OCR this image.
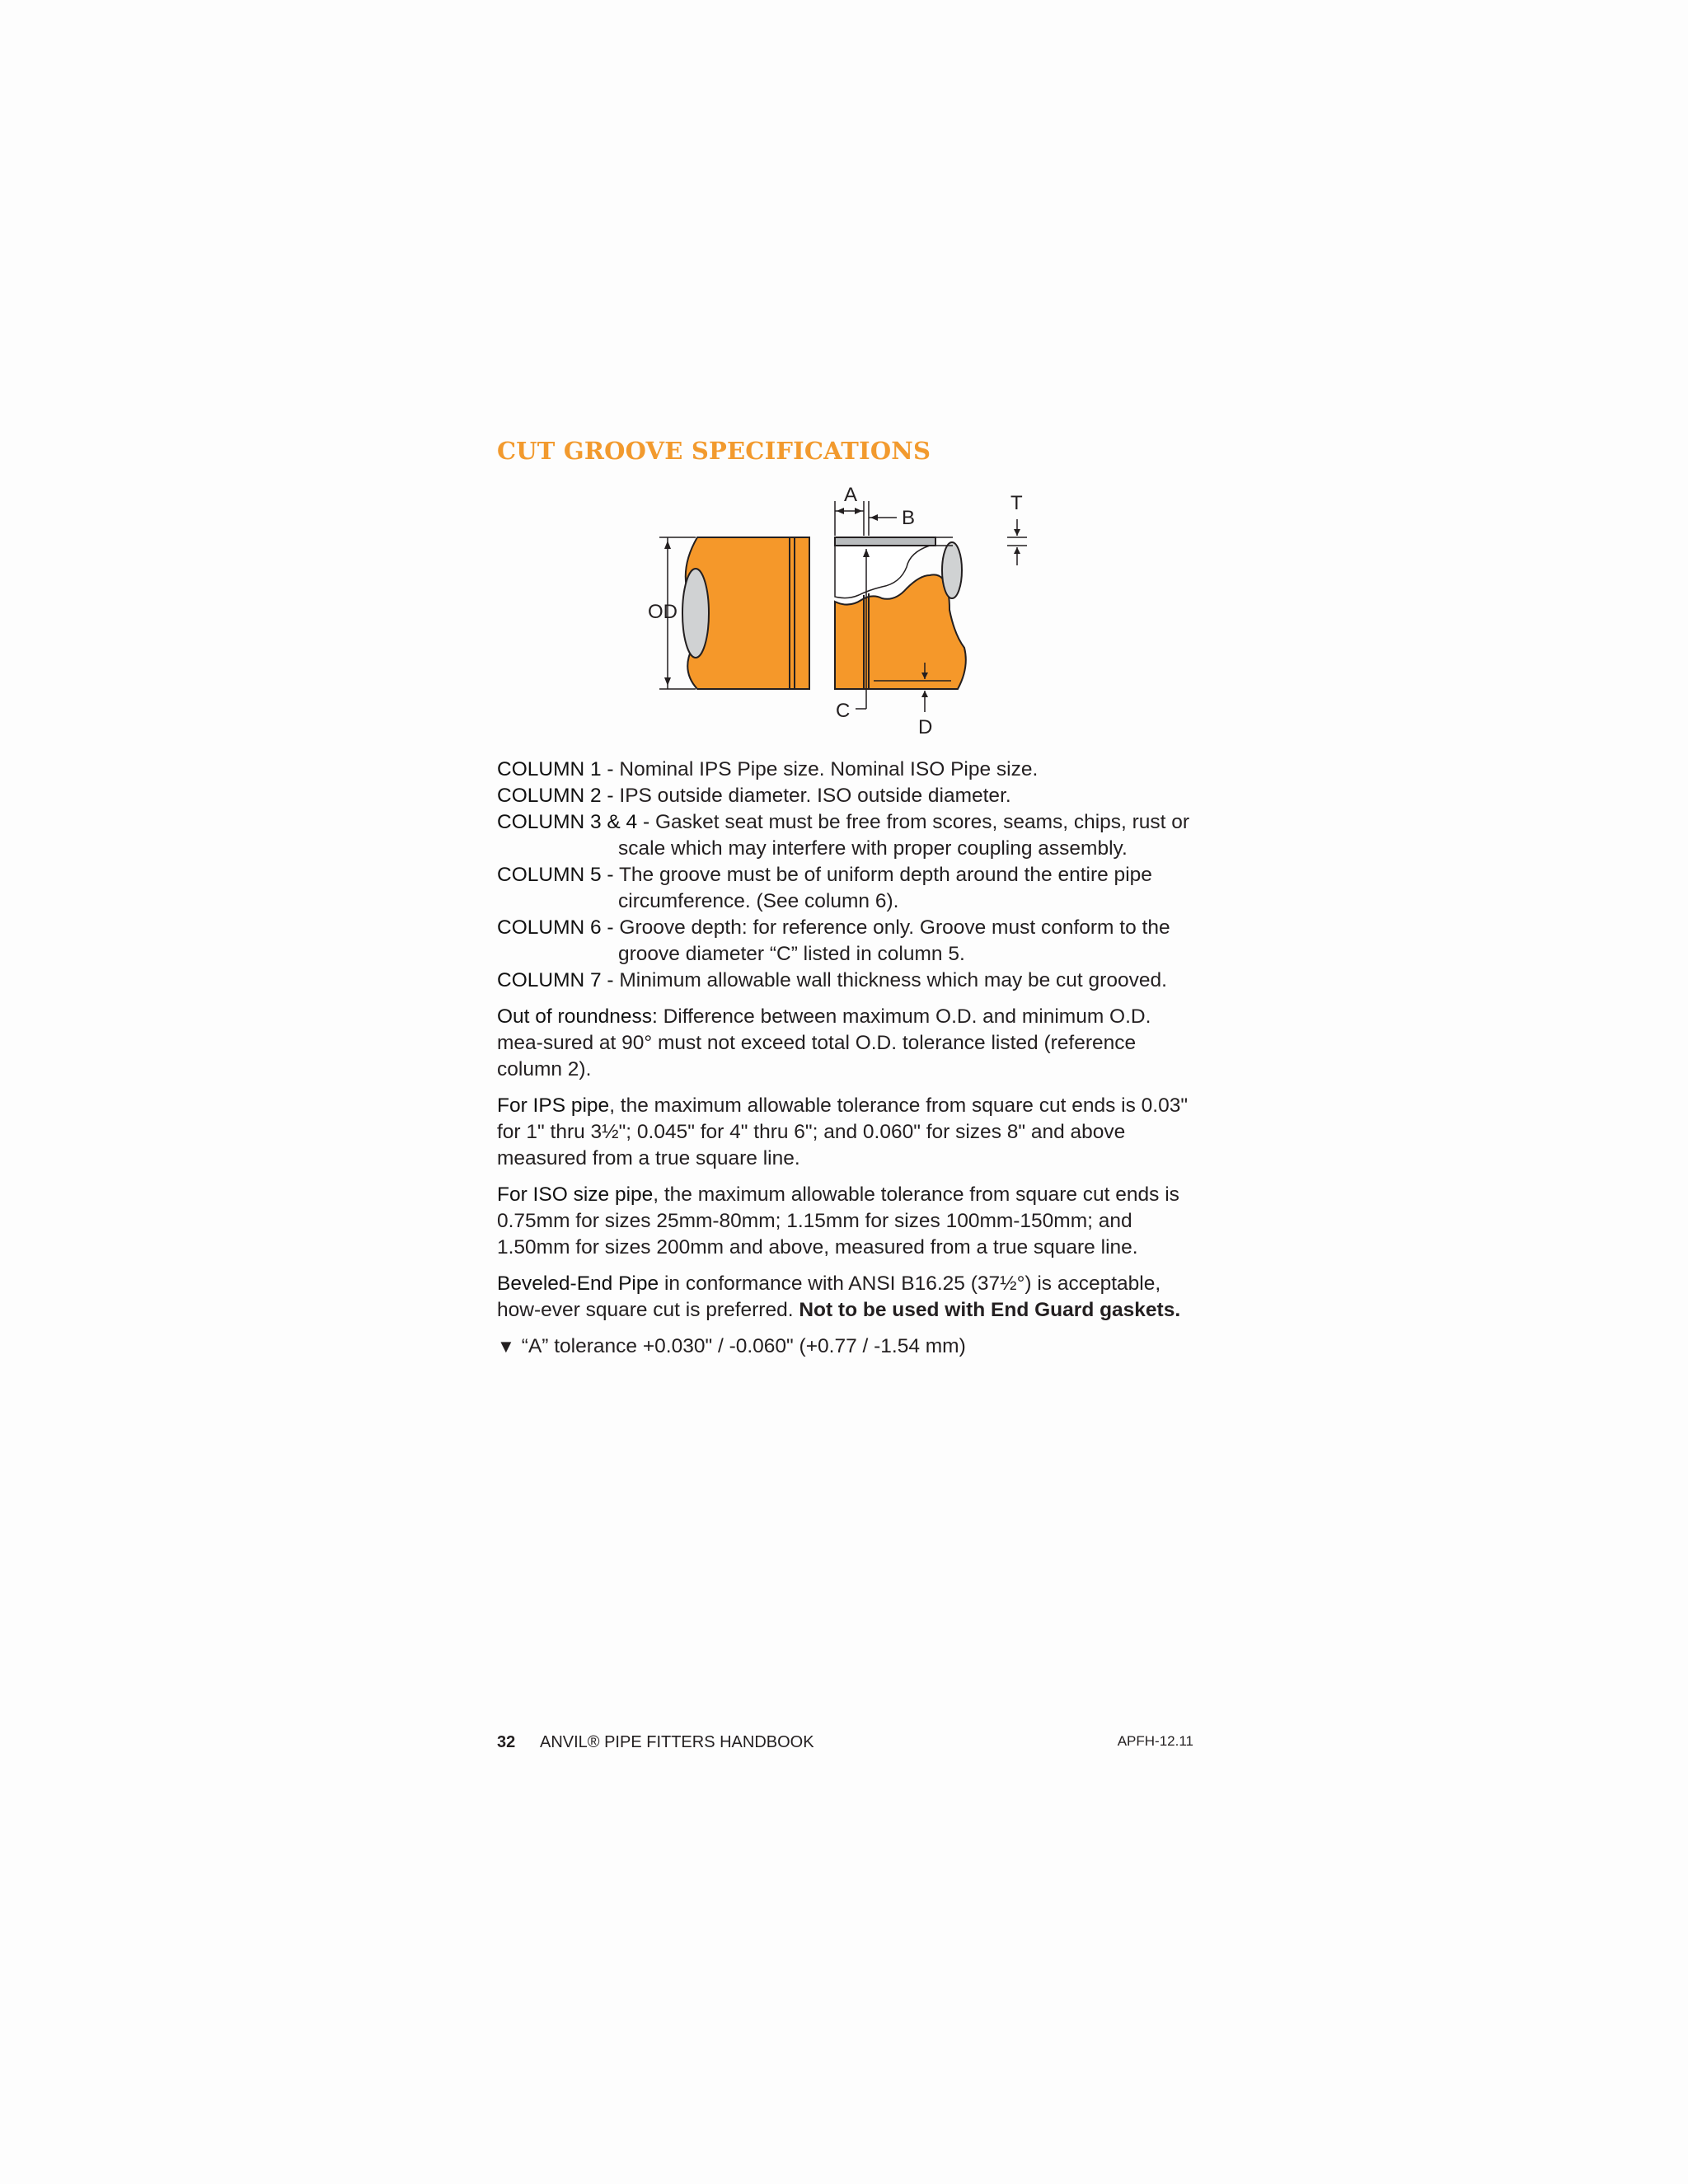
CUT GROOVE SPECIFICATIONS
OD
A
B
T
C
D

COLUMN 1 - Nominal IPS Pipe size. Nominal ISO Pipe size.

COLUMN 2 - IPS outside diameter. ISO outside diameter.

COLUMN 3 & 4 - Gasket seat must be free from scores, seams, chips, rust or
scale which may interfere with proper coupling assembly.

COLUMN 5 - The groove must be of uniform depth around the entire pipe
circumference. (See column 6).

COLUMN 6 - Groove depth: for reference only. Groove must conform to the
groove diameter “C” listed in column 5.

COLUMN 7 - Minimum allowable wall thickness which may be cut grooved.

Out of roundness: Difference between maximum O.D. and minimum O.D. mea-sured at 90° must not exceed total O.D. tolerance listed (reference column 2).

For IPS pipe, the maximum allowable tolerance from square cut ends is 0.03" for 1" thru 3½"; 0.045" for 4" thru 6"; and 0.060" for sizes 8" and above measured from a true square line.

For ISO size pipe, the maximum allowable tolerance from square cut ends is 0.75mm for sizes 25mm-80mm; 1.15mm for sizes 100mm-150mm; and 1.50mm for sizes 200mm and above, measured from a true square line.

Beveled-End Pipe in conformance with ANSI B16.25 (37½°) is acceptable, how-ever square cut is preferred. Not to be used with End Guard gaskets.

▼ “A” tolerance +0.030" / -0.060" (+0.77 / -1.54 mm)

32 ANVIL® PIPE FITTERS HANDBOOK	APFH-12.11
